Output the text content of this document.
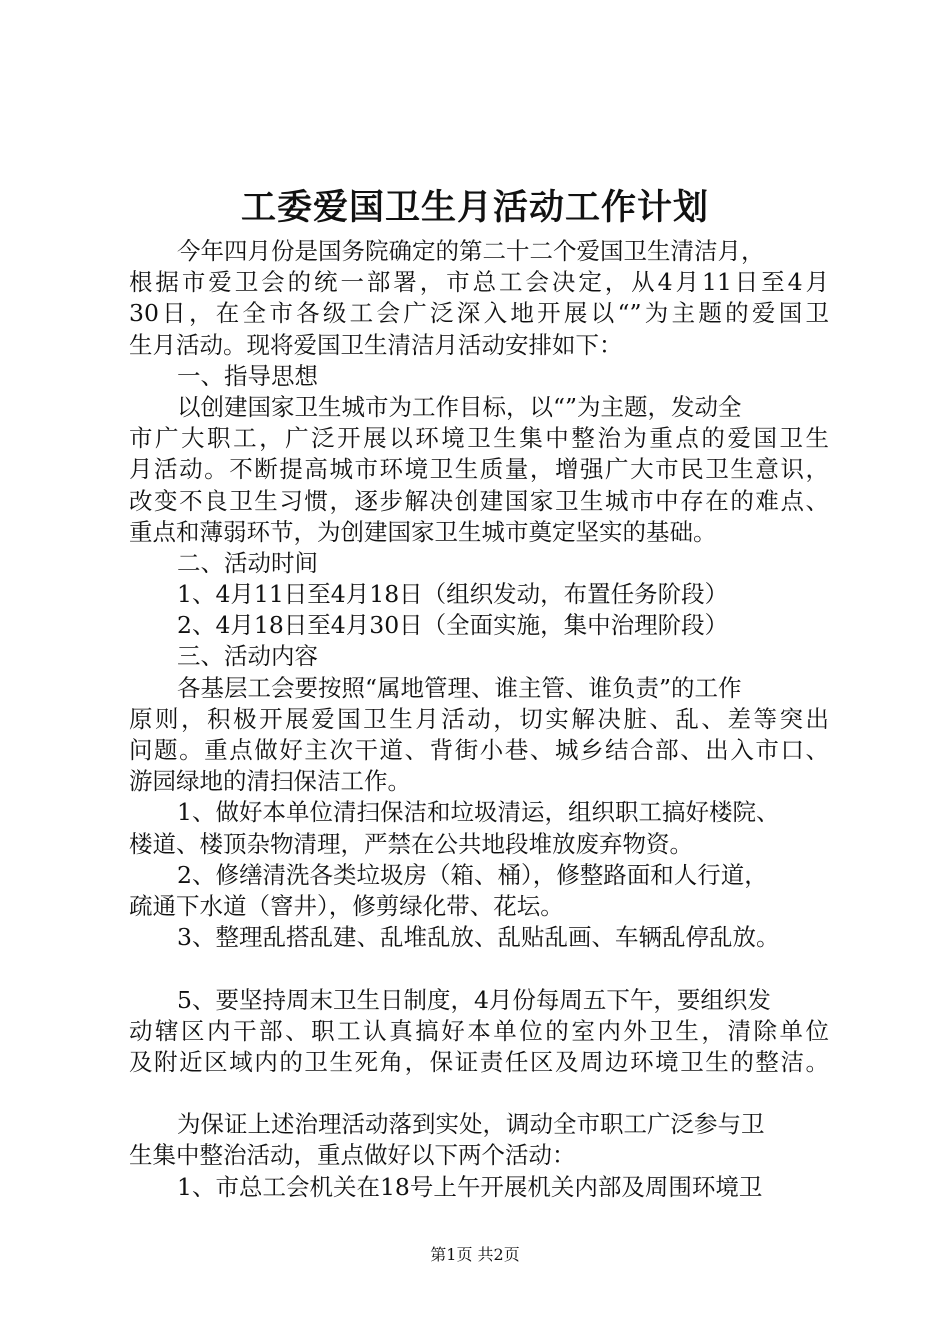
工委爱国卫生月活动工作计划
今年四月份是国务院确定的第二十二个爱国卫生清洁月，
根据市爱卫会的统一部署，市总工会决定，从4月11日至4月
30日，在全市各级工会广泛深入地开展以“”为主题的爱国卫
生月活动。现将爱国卫生清洁月活动安排如下：
一、指导思想
以创建国家卫生城市为工作目标，以“”为主题，发动全
市广大职工，广泛开展以环境卫生集中整治为重点的爱国卫生
月活动。不断提高城市环境卫生质量，增强广大市民卫生意识，
改变不良卫生习惯，逐步解决创建国家卫生城市中存在的难点、
重点和薄弱环节，为创建国家卫生城市奠定坚实的基础。
二、活动时间
1、4月11日至4月18日（组织发动，布置任务阶段）
2、4月18日至4月30日（全面实施，集中治理阶段）
三、活动内容
各基层工会要按照“属地管理、谁主管、谁负责”的工作
原则，积极开展爱国卫生月活动，切实解决脏、乱、差等突出
问题。重点做好主次干道、背街小巷、城乡结合部、出入市口、
游园绿地的清扫保洁工作。
1、做好本单位清扫保洁和垃圾清运，组织职工搞好楼院、
楼道、楼顶杂物清理，严禁在公共地段堆放废弃物资。
2、修缮清洗各类垃圾房（箱、桶），修整路面和人行道，
疏通下水道（窨井），修剪绿化带、花坛。
3、整理乱搭乱建、乱堆乱放、乱贴乱画、车辆乱停乱放。
5、要坚持周末卫生日制度，4月份每周五下午，要组织发
动辖区内干部、职工认真搞好本单位的室内外卫生，清除单位
及附近区域内的卫生死角，保证责任区及周边环境卫生的整洁。
为保证上述治理活动落到实处，调动全市职工广泛参与卫
生集中整治活动，重点做好以下两个活动：
1、市总工会机关在18号上午开展机关内部及周围环境卫
第1页 共2页
